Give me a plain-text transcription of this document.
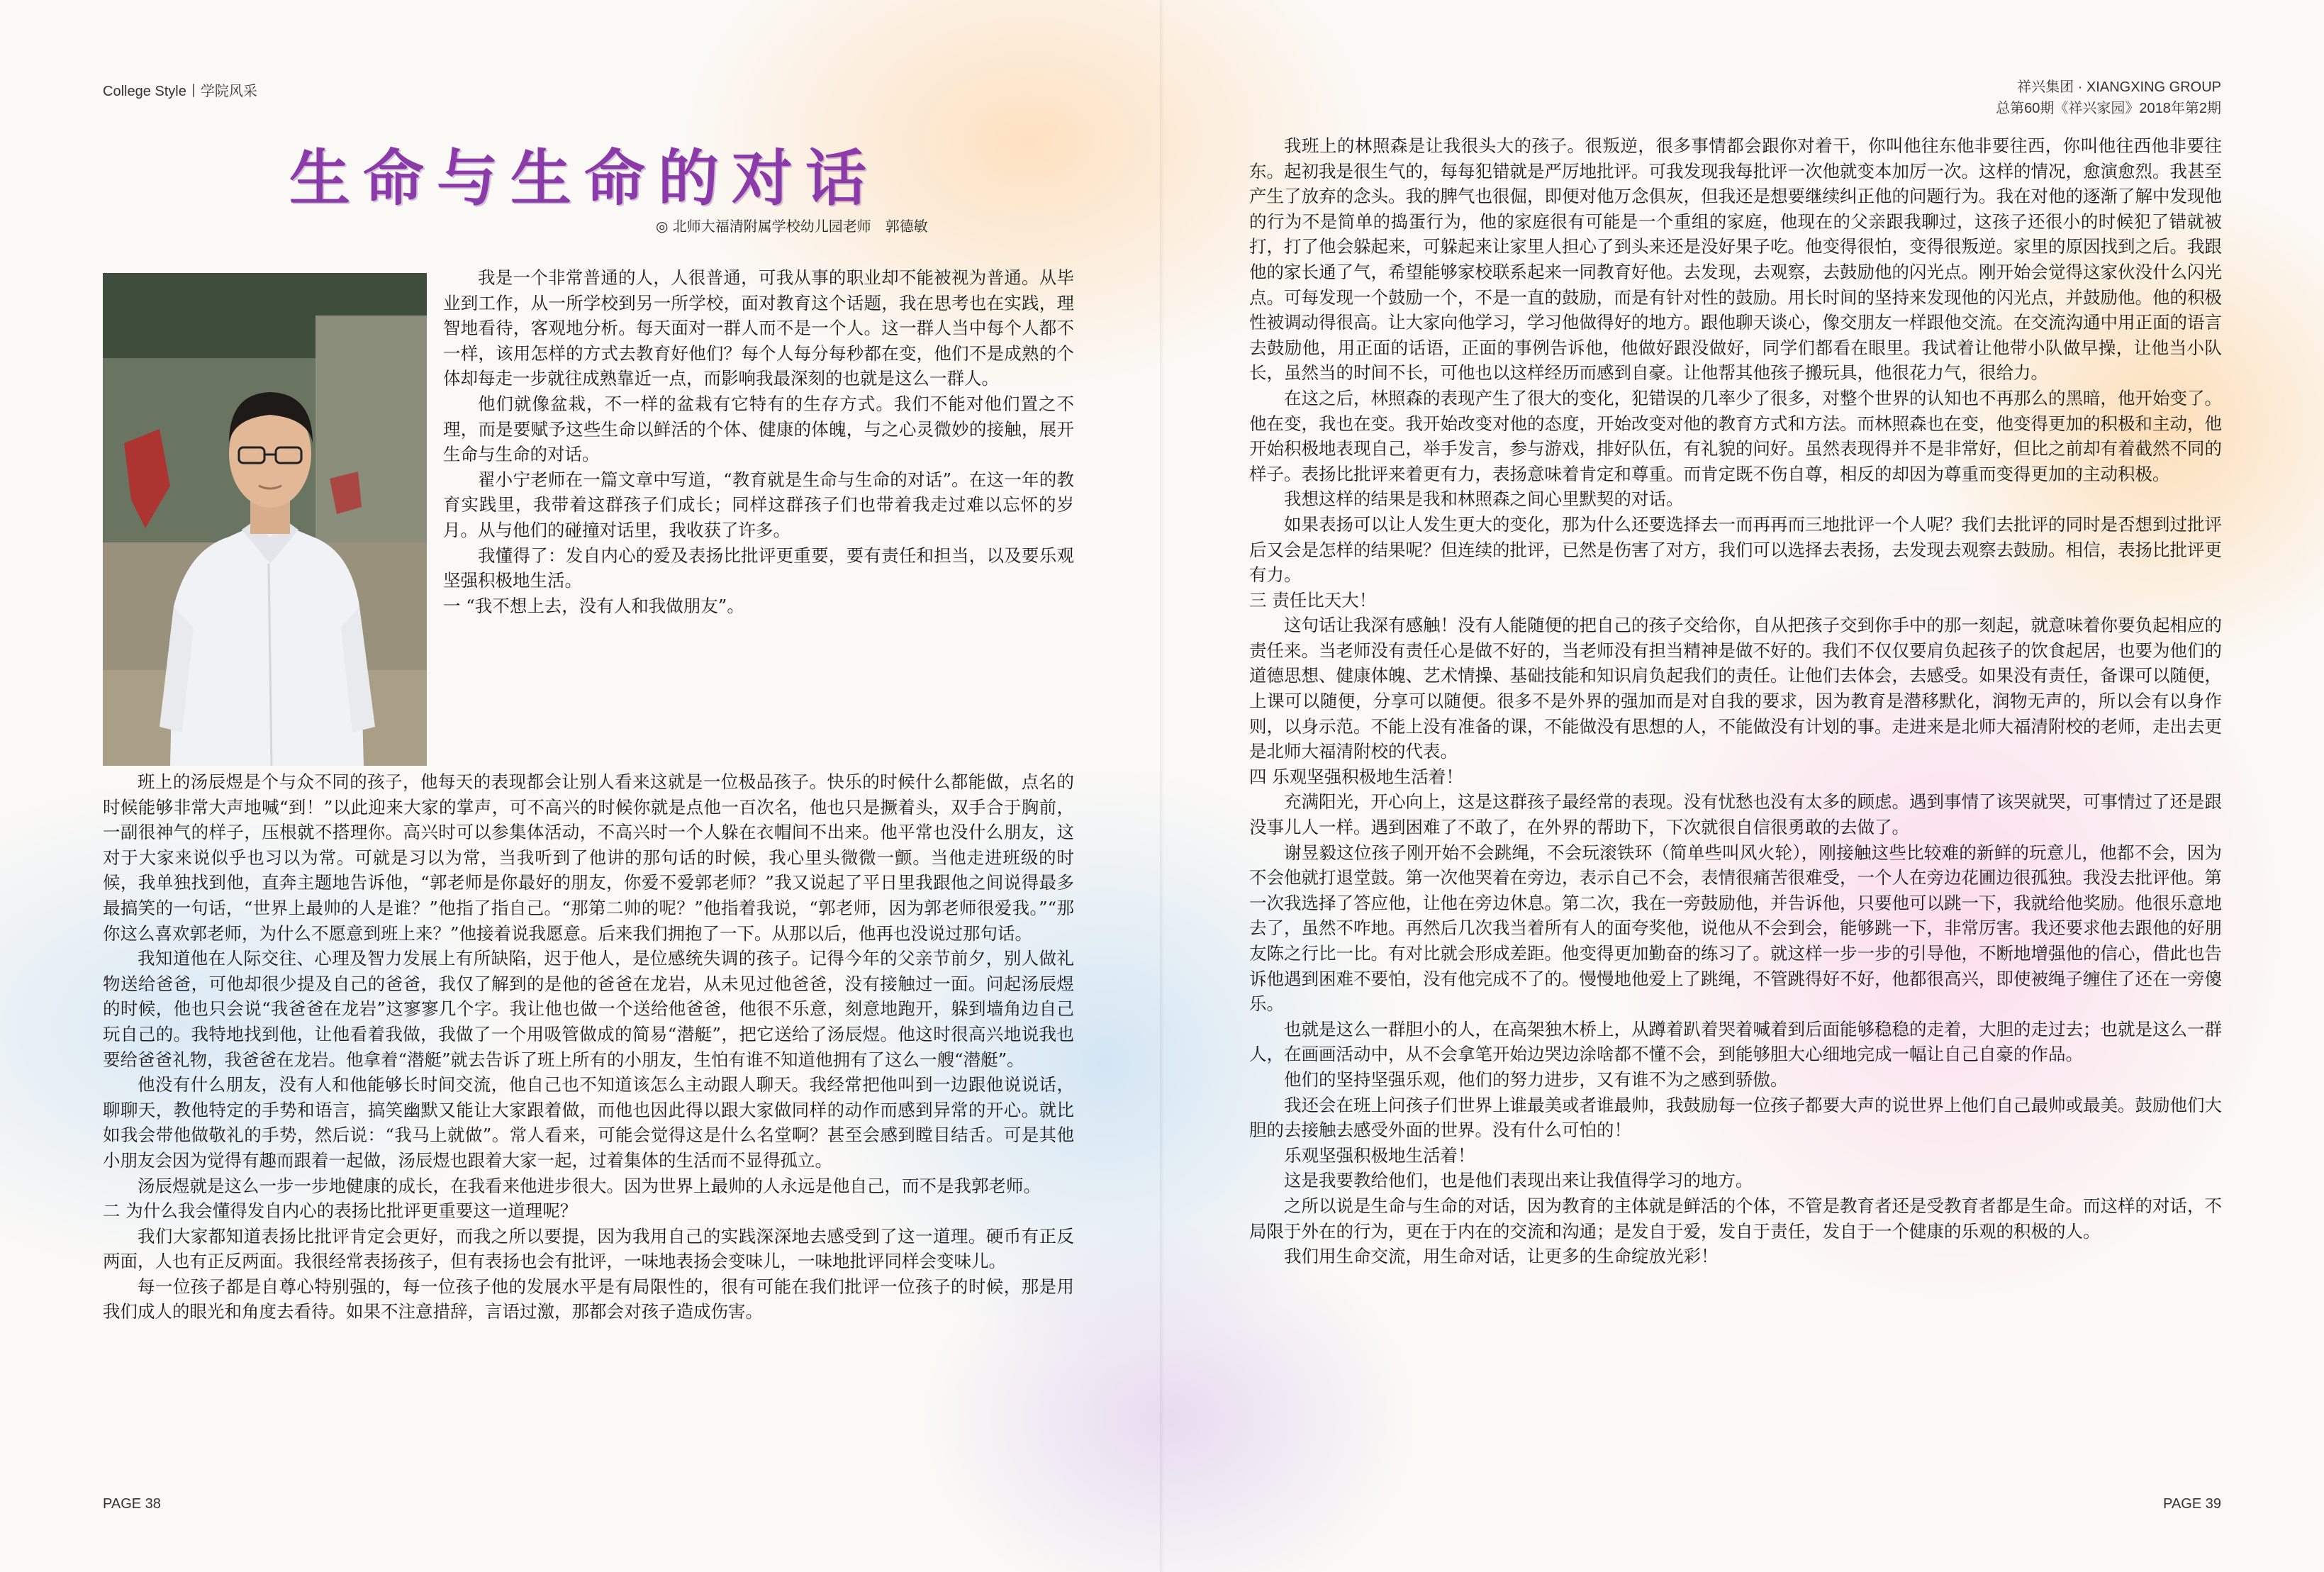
College Style丨学院风采	祥兴集团 · XIANGXING GROUP
总第60期《祥兴家园》2018年第2期
生命与生命的对话
◎ 北师大福清附属学校幼儿园老师　郭德敏

我是一个非常普通的人，人很普通，可我从事的职业却不能被视为普通。从毕业到工作，从一所学校到另一所学校，面对教育这个话题，我在思考也在实践，理智地看待，客观地分析。每天面对一群人而不是一个人。这一群人当中每个人都不一样，该用怎样的方式去教育好他们？每个人每分每秒都在变，他们不是成熟的个体却每走一步就往成熟靠近一点，而影响我最深刻的也就是这么一群人。

他们就像盆栽，不一样的盆栽有它特有的生存方式。我们不能对他们置之不理，而是要赋予这些生命以鲜活的个体、健康的体魄，与之心灵微妙的接触，展开生命与生命的对话。

翟小宁老师在一篇文章中写道，“教育就是生命与生命的对话”。在这一年的教育实践里，我带着这群孩子们成长；同样这群孩子们也带着我走过难以忘怀的岁月。从与他们的碰撞对话里，我收获了许多。

我懂得了：发自内心的爱及表扬比批评更重要，要有责任和担当，以及要乐观坚强积极地生活。

一 “我不想上去，没有人和我做朋友”。

班上的汤辰煜是个与众不同的孩子，他每天的表现都会让别人看来这就是一位极品孩子。快乐的时候什么都能做，点名的时候能够非常大声地喊“到！”以此迎来大家的掌声，可不高兴的时候你就是点他一百次名，他也只是撅着头，双手合于胸前，一副很神气的样子，压根就不搭理你。高兴时可以参集体活动，不高兴时一个人躲在衣帽间不出来。他平常也没什么朋友，这对于大家来说似乎也习以为常。可就是习以为常，当我听到了他讲的那句话的时候，我心里头微微一颤。当他走进班级的时候，我单独找到他，直奔主题地告诉他，“郭老师是你最好的朋友，你爱不爱郭老师？”我又说起了平日里我跟他之间说得最多最搞笑的一句话，“世界上最帅的人是谁？”他指了指自己。“那第二帅的呢？”他指着我说，“郭老师，因为郭老师很爱我。”“那你这么喜欢郭老师，为什么不愿意到班上来？”他接着说我愿意。后来我们拥抱了一下。从那以后，他再也没说过那句话。

我知道他在人际交往、心理及智力发展上有所缺陷，迟于他人，是位感统失调的孩子。记得今年的父亲节前夕，别人做礼物送给爸爸，可他却很少提及自己的爸爸，我仅了解到的是他的爸爸在龙岩，从未见过他爸爸，没有接触过一面。问起汤辰煜的时候，他也只会说“我爸爸在龙岩”这寥寥几个字。我让他也做一个送给他爸爸，他很不乐意，刻意地跑开，躲到墙角边自己玩自己的。我特地找到他，让他看着我做，我做了一个用吸管做成的简易“潜艇”，把它送给了汤辰煜。他这时很高兴地说我也要给爸爸礼物，我爸爸在龙岩。他拿着“潜艇”就去告诉了班上所有的小朋友，生怕有谁不知道他拥有了这么一艘“潜艇”。

他没有什么朋友，没有人和他能够长时间交流，他自己也不知道该怎么主动跟人聊天。我经常把他叫到一边跟他说说话，聊聊天，教他特定的手势和语言，搞笑幽默又能让大家跟着做，而他也因此得以跟大家做同样的动作而感到异常的开心。就比如我会带他做敬礼的手势，然后说：“我马上就做”。常人看来，可能会觉得这是什么名堂啊？甚至会感到瞠目结舌。可是其他小朋友会因为觉得有趣而跟着一起做，汤辰煜也跟着大家一起，过着集体的生活而不显得孤立。

汤辰煜就是这么一步一步地健康的成长，在我看来他进步很大。因为世界上最帅的人永远是他自己，而不是我郭老师。

二 为什么我会懂得发自内心的表扬比批评更重要这一道理呢？

我们大家都知道表扬比批评肯定会更好，而我之所以要提，因为我用自己的实践深深地去感受到了这一道理。硬币有正反两面，人也有正反两面。我很经常表扬孩子，但有表扬也会有批评，一味地表扬会变味儿，一味地批评同样会变味儿。

每一位孩子都是自尊心特别强的，每一位孩子他的发展水平是有局限性的，很有可能在我们批评一位孩子的时候，那是用我们成人的眼光和角度去看待。如果不注意措辞，言语过激，那都会对孩子造成伤害。

我班上的林照森是让我很头大的孩子。很叛逆，很多事情都会跟你对着干，你叫他往东他非要往西，你叫他往西他非要往东。起初我是很生气的，每每犯错就是严厉地批评。可我发现我每批评一次他就变本加厉一次。这样的情况，愈演愈烈。我甚至产生了放弃的念头。我的脾气也很倔，即便对他万念俱灰，但我还是想要继续纠正他的问题行为。我在对他的逐渐了解中发现他的行为不是简单的捣蛋行为，他的家庭很有可能是一个重组的家庭，他现在的父亲跟我聊过，这孩子还很小的时候犯了错就被打，打了他会躲起来，可躲起来让家里人担心了到头来还是没好果子吃。他变得很怕，变得很叛逆。家里的原因找到之后。我跟他的家长通了气，希望能够家校联系起来一同教育好他。去发现，去观察，去鼓励他的闪光点。刚开始会觉得这家伙没什么闪光点。可每发现一个鼓励一个，不是一直的鼓励，而是有针对性的鼓励。用长时间的坚持来发现他的闪光点，并鼓励他。他的积极性被调动得很高。让大家向他学习，学习他做得好的地方。跟他聊天谈心，像交朋友一样跟他交流。在交流沟通中用正面的语言去鼓励他，用正面的话语，正面的事例告诉他，他做好跟没做好，同学们都看在眼里。我试着让他带小队做早操，让他当小队长，虽然当的时间不长，可他也以这样经历而感到自豪。让他帮其他孩子搬玩具，他很花力气，很给力。

在这之后，林照森的表现产生了很大的变化，犯错误的几率少了很多，对整个世界的认知也不再那么的黑暗，他开始变了。他在变，我也在变。我开始改变对他的态度，开始改变对他的教育方式和方法。而林照森也在变，他变得更加的积极和主动，他开始积极地表现自己，举手发言，参与游戏，排好队伍，有礼貌的问好。虽然表现得并不是非常好，但比之前却有着截然不同的样子。表扬比批评来着更有力，表扬意味着肯定和尊重。而肯定既不伤自尊，相反的却因为尊重而变得更加的主动积极。

我想这样的结果是我和林照森之间心里默契的对话。

如果表扬可以让人发生更大的变化，那为什么还要选择去一而再再而三地批评一个人呢？我们去批评的同时是否想到过批评后又会是怎样的结果呢？但连续的批评，已然是伤害了对方，我们可以选择去表扬，去发现去观察去鼓励。相信，表扬比批评更有力。

三 责任比天大！

这句话让我深有感触！没有人能随便的把自己的孩子交给你，自从把孩子交到你手中的那一刻起，就意味着你要负起相应的责任来。当老师没有责任心是做不好的，当老师没有担当精神是做不好的。我们不仅仅要肩负起孩子的饮食起居，也要为他们的道德思想、健康体魄、艺术情操、基础技能和知识肩负起我们的责任。让他们去体会，去感受。如果没有责任，备课可以随便，上课可以随便，分享可以随便。很多不是外界的强加而是对自我的要求，因为教育是潜移默化，润物无声的，所以会有以身作则，以身示范。不能上没有准备的课，不能做没有思想的人，不能做没有计划的事。走进来是北师大福清附校的老师，走出去更是北师大福清附校的代表。

四 乐观坚强积极地生活着！

充满阳光，开心向上，这是这群孩子最经常的表现。没有忧愁也没有太多的顾虑。遇到事情了该哭就哭，可事情过了还是跟没事儿人一样。遇到困难了不敢了，在外界的帮助下，下次就很自信很勇敢的去做了。

谢昱毅这位孩子刚开始不会跳绳，不会玩滚铁环（简单些叫风火轮），刚接触这些比较难的新鲜的玩意儿，他都不会，因为不会他就打退堂鼓。第一次他哭着在旁边，表示自己不会，表情很痛苦很难受，一个人在旁边花圃边很孤独。我没去批评他。第一次我选择了答应他，让他在旁边休息。第二次，我在一旁鼓励他，并告诉他，只要他可以跳一下，我就给他奖励。他很乐意地去了，虽然不咋地。再然后几次我当着所有人的面夸奖他，说他从不会到会，能够跳一下，非常厉害。我还要求他去跟他的好朋友陈之行比一比。有对比就会形成差距。他变得更加勤奋的练习了。就这样一步一步的引导他，不断地增强他的信心，借此也告诉他遇到困难不要怕，没有他完成不了的。慢慢地他爱上了跳绳，不管跳得好不好，他都很高兴，即使被绳子缠住了还在一旁傻乐。

也就是这么一群胆小的人，在高架独木桥上，从蹲着趴着哭着喊着到后面能够稳稳的走着，大胆的走过去；也就是这么一群人，在画画活动中，从不会拿笔开始边哭边涂啥都不懂不会，到能够胆大心细地完成一幅让自己自豪的作品。

他们的坚持坚强乐观，他们的努力进步，又有谁不为之感到骄傲。

我还会在班上问孩子们世界上谁最美或者谁最帅，我鼓励每一位孩子都要大声的说世界上他们自己最帅或最美。鼓励他们大胆的去接触去感受外面的世界。没有什么可怕的！

乐观坚强积极地生活着！

这是我要教给他们，也是他们表现出来让我值得学习的地方。

之所以说是生命与生命的对话，因为教育的主体就是鲜活的个体，不管是教育者还是受教育者都是生命。而这样的对话，不局限于外在的行为，更在于内在的交流和沟通；是发自于爱，发自于责任，发自于一个健康的乐观的积极的人。

我们用生命交流，用生命对话，让更多的生命绽放光彩！

PAGE 38	PAGE 39
